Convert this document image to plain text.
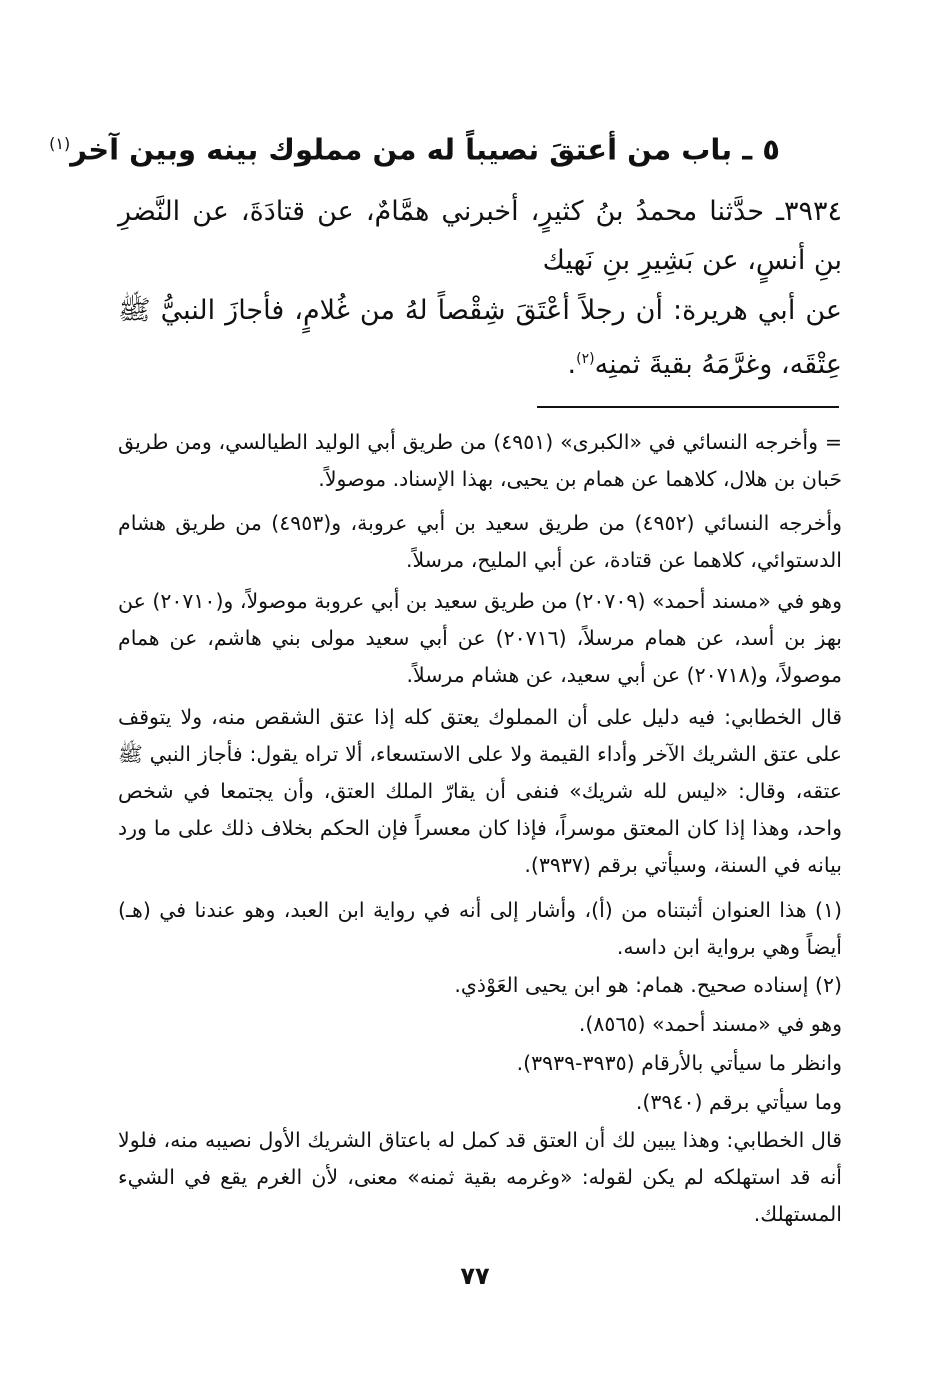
٥ ـ باب من أعتقَ نصيباً له من مملوك بينه وبين آخر$^{(١)}$
٣٩٣٤ـ حدَّثنا محمدُ بنُ كثيرٍ، أخبرني همَّامٌ، عن قتادَةَ، عن النَّضرِ بنِ أنسٍ، عن بَشِيرِ بنِ نَهيك
عن أبي هريرة: أن رجلاً أعْتَقَ شِقْصاً لهُ من غُلامٍ، فأجازَ النبيُّ ﷺ عِتْقَه، وغرَّمَهُ بقيةَ ثمنِه$^{(٢)}$.

= وأخرجه النسائي في «الكبرى» (٤٩٥١) من طريق أبي الوليد الطيالسي، ومن طريق حَبان بن هلال، كلاهما عن همام بن يحيى، بهذا الإسناد. موصولاً.

وأخرجه النسائي (٤٩٥٢) من طريق سعيد بن أبي عروبة، و(٤٩٥٣) من طريق هشام الدستوائي، كلاهما عن قتادة، عن أبي المليح، مرسلاً.

وهو في «مسند أحمد» (٢٠٧٠٩) من طريق سعيد بن أبي عروبة موصولاً، و(٢٠٧١٠) عن بهز بن أسد، عن همام مرسلاً، (٢٠٧١٦) عن أبي سعيد مولى بني هاشم، عن همام موصولاً، و(٢٠٧١٨) عن أبي سعيد، عن هشام مرسلاً.

قال الخطابي: فيه دليل على أن المملوك يعتق كله إذا عتق الشقص منه، ولا يتوقف على عتق الشريك الآخر وأداء القيمة ولا على الاستسعاء، ألا تراه يقول: فأجاز النبي ﷺ عتقه، وقال: «ليس لله شريك» فنفى أن يقارّ الملك العتق، وأن يجتمعا في شخص واحد، وهذا إذا كان المعتق موسراً، فإذا كان معسراً فإن الحكم بخلاف ذلك على ما ورد بيانه في السنة، وسيأتي برقم (٣٩٣٧).

(١) هذا العنوان أثبتناه من (أ)، وأشار إلى أنه في رواية ابن العبد، وهو عندنا في (هـ) أيضاً وهي برواية ابن داسه.

(٢) إسناده صحيح. همام: هو ابن يحيى العَوْذي.

وهو في «مسند أحمد» (٨٥٦٥).

وانظر ما سيأتي بالأرقام (٣٩٣٥-٣٩٣٩).

وما سيأتي برقم (٣٩٤٠).

قال الخطابي: وهذا يبين لك أن العتق قد كمل له باعتاق الشريك الأول نصيبه منه، فلولا أنه قد استهلكه لم يكن لقوله: «وغرمه بقية ثمنه» معنى، لأن الغرم يقع في الشيء المستهلك.

٧٧
